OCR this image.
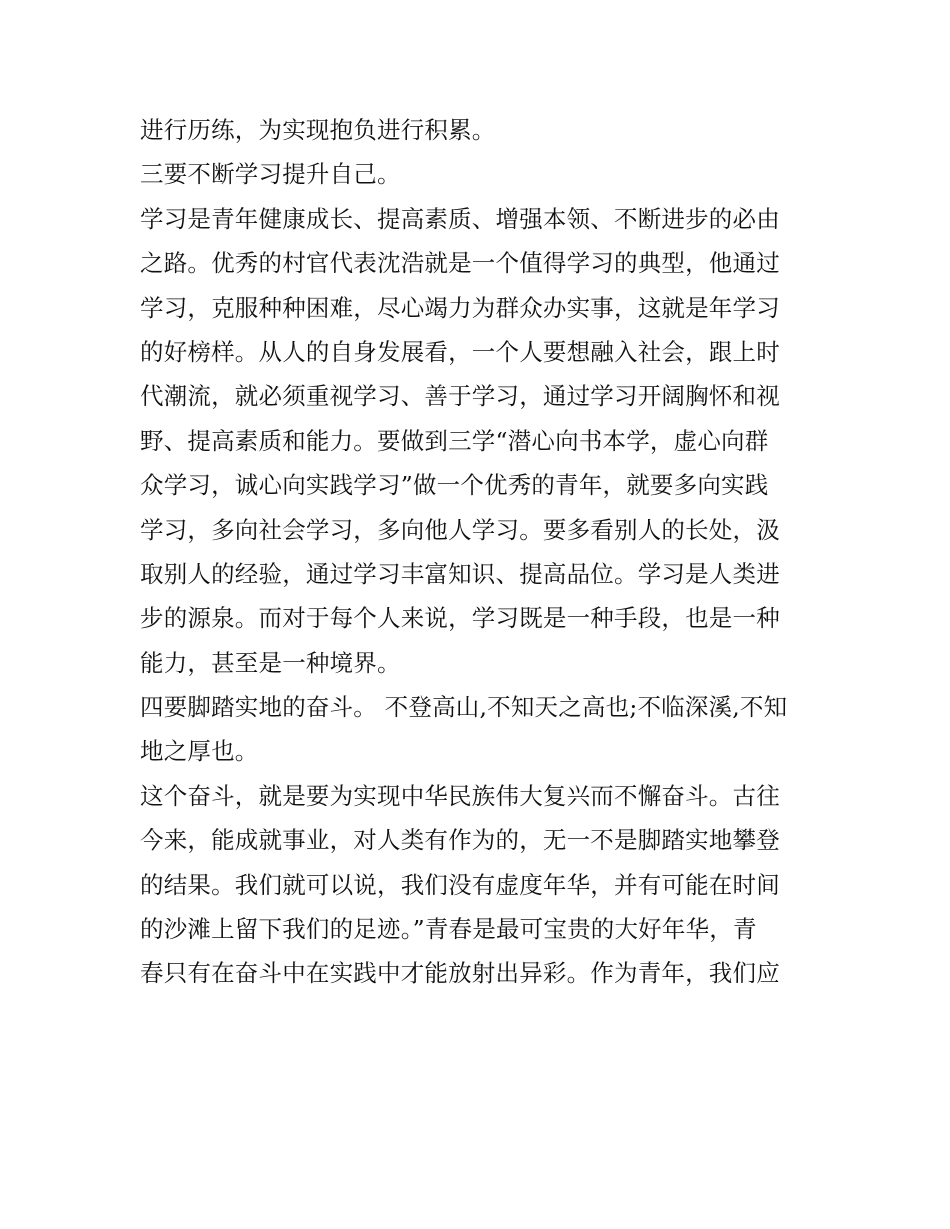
进行历练，为实现抱负进行积累。
三要不断学习提升自己。
学习是青年健康成长、提高素质、增强本领、不断进步的必由
之路。优秀的村官代表沈浩就是一个值得学习的典型，他通过
学习，克服种种困难，尽心竭力为群众办实事，这就是年学习
的好榜样。从人的自身发展看，一个人要想融入社会，跟上时
代潮流，就必须重视学习、善于学习，通过学习开阔胸怀和视
野、提高素质和能力。要做到三学“潜心向书本学，虚心向群
众学习，诚心向实践学习”做一个优秀的青年，就要多向实践
学习，多向社会学习，多向他人学习。要多看别人的长处，汲
取别人的经验，通过学习丰富知识、提高品位。学习是人类进
步的源泉。而对于每个人来说，学习既是一种手段，也是一种
能力，甚至是一种境界。
四要脚踏实地的奋斗。 不登高山,不知天之高也;不临深溪,不知
地之厚也。
这个奋斗，就是要为实现中华民族伟大复兴而不懈奋斗。古往
今来，能成就事业，对人类有作为的，无一不是脚踏实地攀登
的结果。我们就可以说，我们没有虚度年华，并有可能在时间
的沙滩上留下我们的足迹。”青春是最可宝贵的大好年华，青
春只有在奋斗中在实践中才能放射出异彩。作为青年，我们应
